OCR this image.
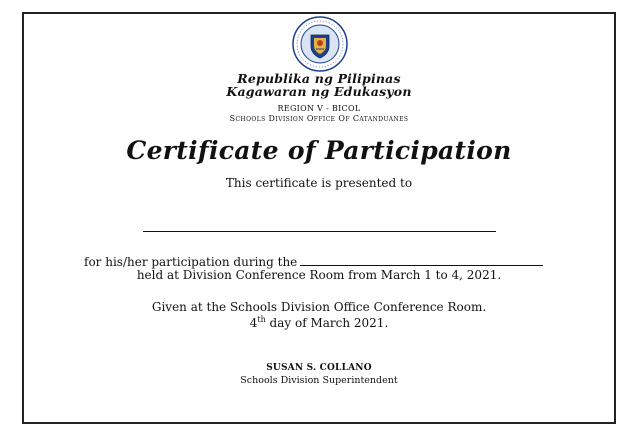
Republika ng Pilipinas
Kagawaran ng Edukasyon
REGION V - BICOL
Schools Division Office Of Catanduanes
Certificate of Participation
This certificate is presented to
for his/her participation during the
held at Division Conference Room from March 1 to 4, 2021.
Given at the Schools Division Office Conference Room.
4th day of March 2021.
SUSAN S. COLLANO
Schools Division Superintendent
